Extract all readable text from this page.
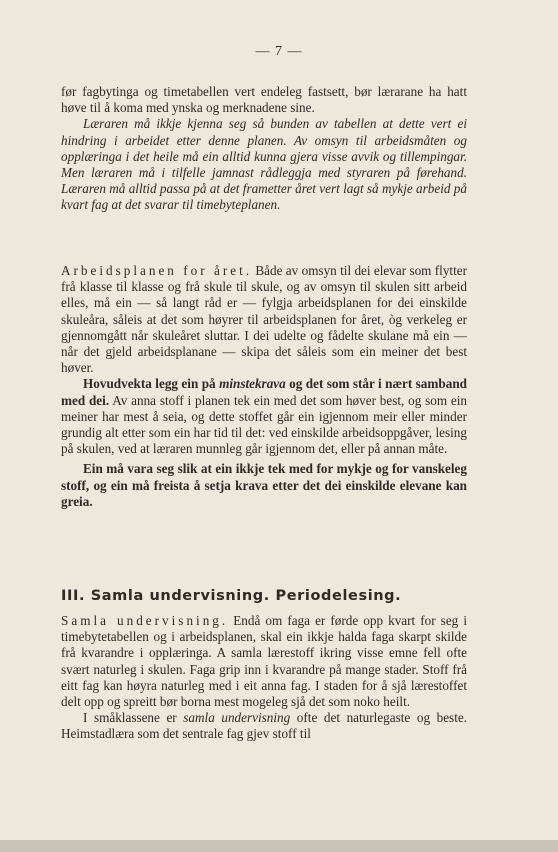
— 7 —

før fagbytinga og timetabellen vert endeleg fastsett, bør lærarane ha hatt høve til å koma med ynska og merknadene sine.

Læraren må ikkje kjenna seg så bunden av tabellen at dette vert ei hindring i arbeidet etter denne planen. Av omsyn til arbeidsmåten og opplæringa i det heile må ein alltid kunna gjera visse avvik og tillempingar. Men læraren må i tilfelle jamnast rådleggja med styraren på førehand. Læraren må alltid passa på at det frametter året vert lagt så mykje arbeid på kvart fag at det svarar til timebyteplanen.

Arbeidsplanen for året. Både av omsyn til dei elevar som flytter frå klasse til klasse og frå skule til skule, og av omsyn til skulen sitt arbeid elles, må ein — så langt råd er — fylgja arbeidsplanen for dei einskilde skuleåra, såleis at det som høyrer til arbeidsplanen for året, òg verkeleg er gjennomgått når skuleåret sluttar. I dei udelte og fådelte skulane må ein — når det gjeld arbeidsplanane — skipa det såleis som ein meiner det best høver.

Hovudvekta legg ein på minstekrava og det som står i nært samband med dei. Av anna stoff i planen tek ein med det som høver best, og som ein meiner har mest å seia, og dette stoffet går ein igjennom meir eller minder grundig alt etter som ein har tid til det: ved einskilde arbeidsoppgåver, lesing på skulen, ved at læraren munnleg går igjennom det, eller på annan måte.

Ein må vara seg slik at ein ikkje tek med for mykje og for vanskeleg stoff, og ein må freista å setja krava etter det dei einskilde elevane kan greia.

III. Samla undervisning. Periodelesing.

Samla undervisning. Endå om faga er førde opp kvart for seg i timebytetabellen og i arbeidsplanen, skal ein ikkje halda faga skarpt skilde frå kvarandre i opplæringa. A samla lærestoff ikring visse emne fell ofte svært naturleg i skulen. Faga grip inn i kvarandre på mange stader. Stoff frå eitt fag kan høyra naturleg med i eit anna fag. I staden for å sjå lærestoffet delt opp og spreitt bør borna mest mogeleg sjå det som noko heilt.

I småklassene er samla undervisning ofte det naturlegaste og beste. Heimstadlæra som det sentrale fag gjev stoff til
